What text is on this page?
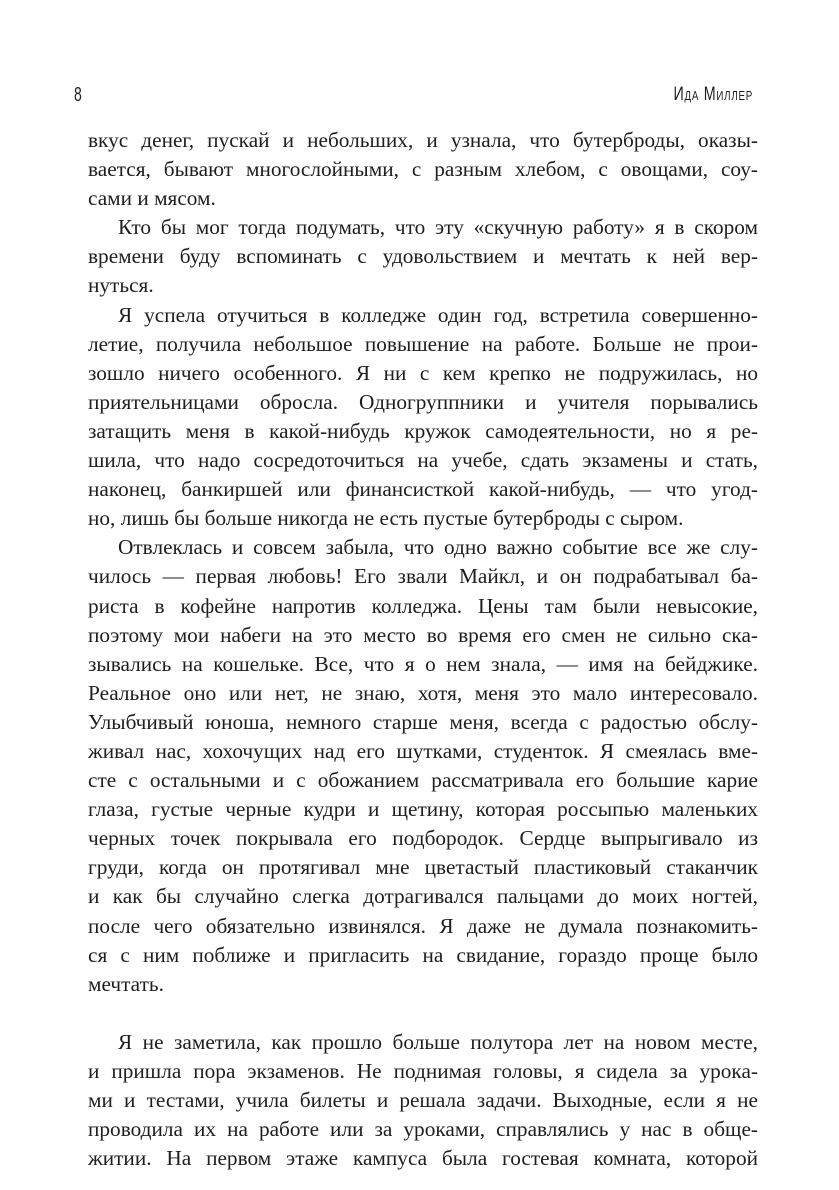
8	Ида Миллер
вкус денег, пускай и небольших, и узнала, что бутерброды, оказы-
вается, бывают многослойными, с разным хлебом, с овощами, соу-
сами и мясом.
Кто бы мог тогда подумать, что эту «скучную работу» я в скором
времени буду вспоминать с удовольствием и мечтать к ней вер-
нуться.
Я успела отучиться в колледже один год, встретила совершенно-
летие, получила небольшое повышение на работе. Больше не прои-
зошло ничего особенного. Я ни с кем крепко не подружилась, но
приятельницами обросла. Одногруппники и учителя порывались
затащить меня в какой-нибудь кружок самодеятельности, но я ре-
шила, что надо сосредоточиться на учебе, сдать экзамены и стать,
наконец, банкиршей или финансисткой какой-нибудь, — что угод-
но, лишь бы больше никогда не есть пустые бутерброды с сыром.
Отвлеклась и совсем забыла, что одно важно событие все же слу-
чилось — первая любовь! Его звали Майкл, и он подрабатывал ба-
риста в кофейне напротив колледжа. Цены там были невысокие,
поэтому мои набеги на это место во время его смен не сильно ска-
зывались на кошельке. Все, что я о нем знала, — имя на бейджике.
Реальное оно или нет, не знаю, хотя, меня это мало интересовало.
Улыбчивый юноша, немного старше меня, всегда с радостью обслу-
живал нас, хохочущих над его шутками, студенток. Я смеялась вме-
сте с остальными и с обожанием рассматривала его большие карие
глаза, густые черные кудри и щетину, которая россыпью маленьких
черных точек покрывала его подбородок. Сердце выпрыгивало из
груди, когда он протягивал мне цветастый пластиковый стаканчик
и как бы случайно слегка дотрагивался пальцами до моих ногтей,
после чего обязательно извинялся. Я даже не думала познакомить-
ся с ним поближе и пригласить на свидание, гораздо проще было
мечтать.
Я не заметила, как прошло больше полутора лет на новом месте,
и пришла пора экзаменов. Не поднимая головы, я сидела за урока-
ми и тестами, учила билеты и решала задачи. Выходные, если я не
проводила их на работе или за уроками, справлялись у нас в обще-
житии. На первом этаже кампуса была гостевая комната, которой
